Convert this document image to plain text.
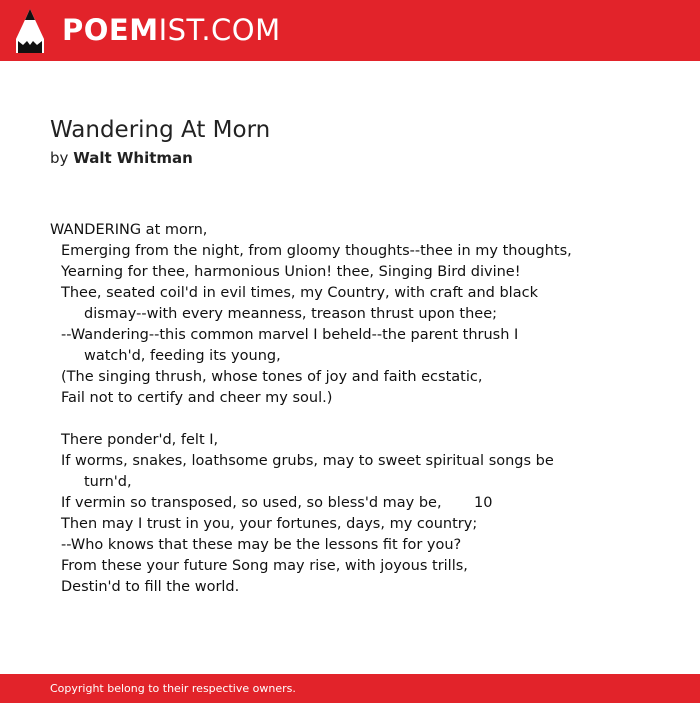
POEMIST.COM
Wandering At Morn
by Walt Whitman
WANDERING at morn,
Emerging from the night, from gloomy thoughts--thee in my thoughts,
Yearning for thee, harmonious Union! thee, Singing Bird divine!
Thee, seated coil'd in evil times, my Country, with craft and black
dismay--with every meanness, treason thrust upon thee;
--Wandering--this common marvel I beheld--the parent thrush I
watch'd, feeding its young,
(The singing thrush, whose tones of joy and faith ecstatic,
Fail not to certify and cheer my soul.)
There ponder'd, felt I,
If worms, snakes, loathsome grubs, may to sweet spiritual songs be
turn'd,
If vermin so transposed, so used, so bless'd may be, 10
Then may I trust in you, your fortunes, days, my country;
--Who knows that these may be the lessons fit for you?
From these your future Song may rise, with joyous trills,
Destin'd to fill the world.
Copyright belong to their respective owners.
